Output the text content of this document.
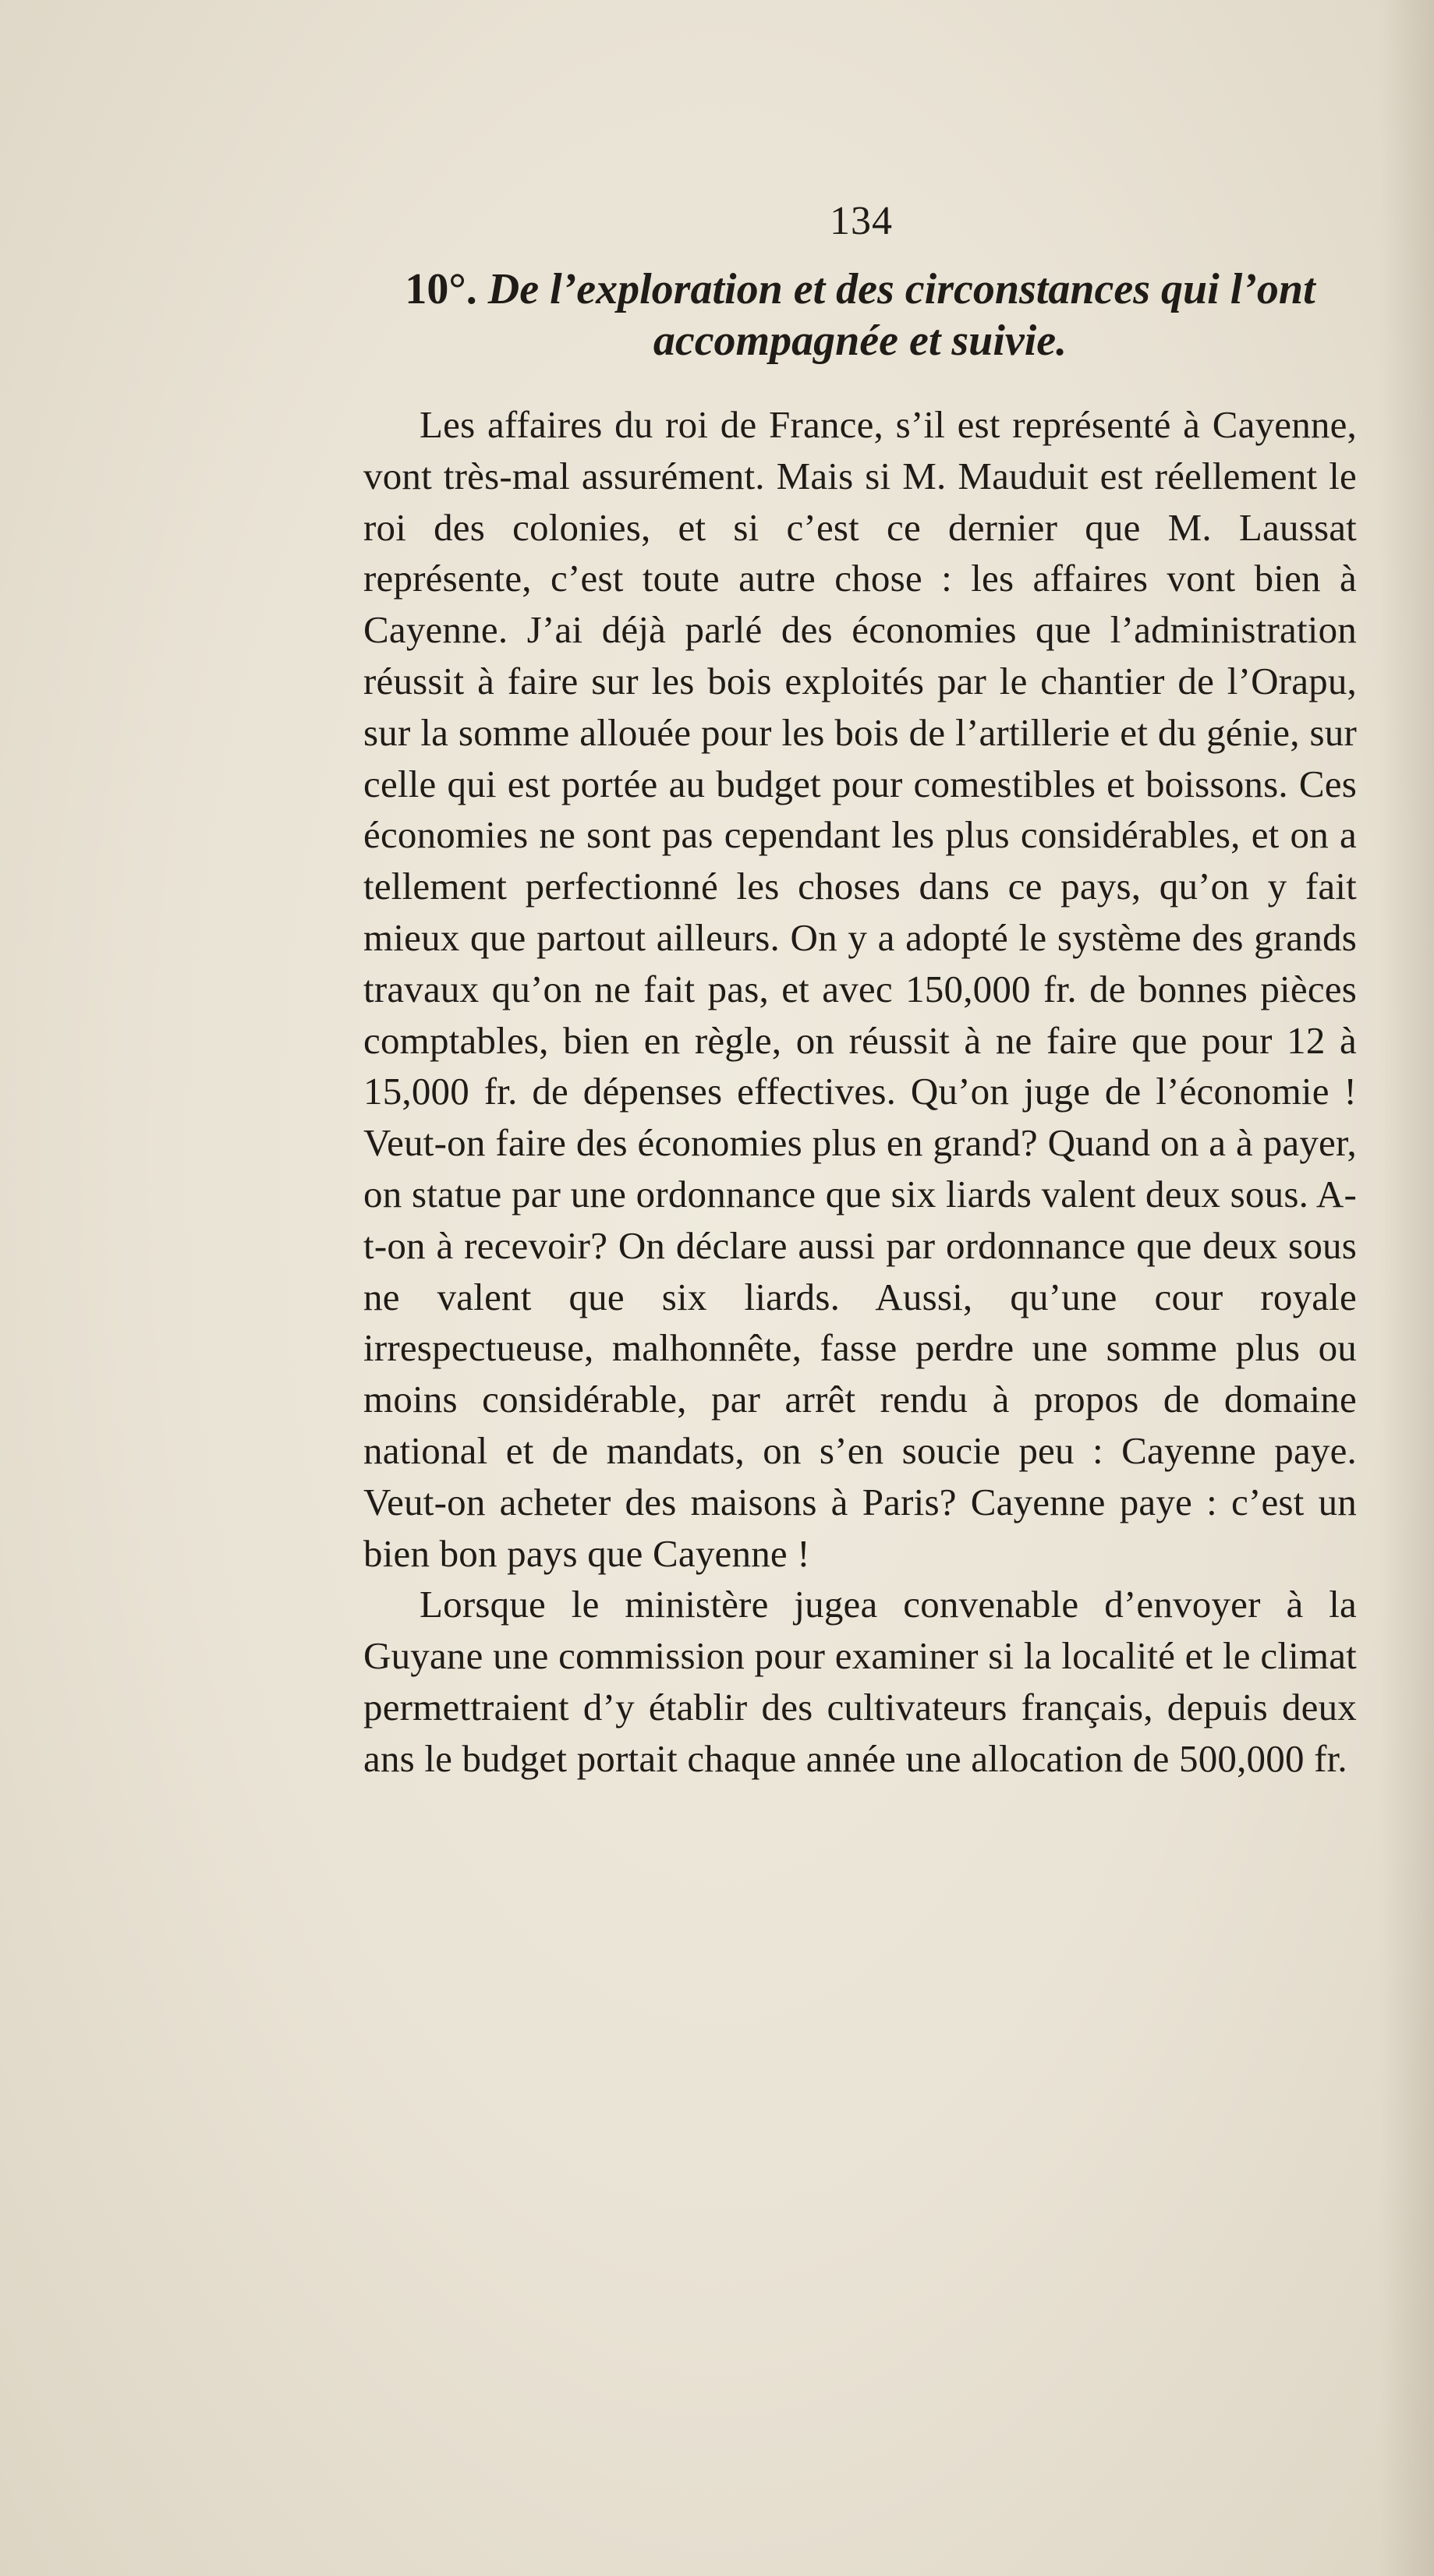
134
10°. De l’exploration et des circonstances qui l’ont accompagnée et suivie.

Les affaires du roi de France, s’il est représenté à Cayenne, vont très-mal assurément. Mais si M. Mauduit est réellement le roi des colonies, et si c’est ce dernier que M. Laussat représente, c’est toute autre chose : les affaires vont bien à Cayenne. J’ai déjà parlé des économies que l’administration réussit à faire sur les bois exploités par le chantier de l’Orapu, sur la somme allouée pour les bois de l’artillerie et du génie, sur celle qui est portée au budget pour comestibles et boissons. Ces économies ne sont pas cependant les plus considérables, et on a tellement perfectionné les choses dans ce pays, qu’on y fait mieux que partout ailleurs. On y a adopté le système des grands travaux qu’on ne fait pas, et avec 150,000 fr. de bonnes pièces comptables, bien en règle, on réussit à ne faire que pour 12 à 15,000 fr. de dépenses effectives. Qu’on juge de l’économie ! Veut-on faire des économies plus en grand? Quand on a à payer, on statue par une ordonnance que six liards valent deux sous. A-t-on à recevoir? On déclare aussi par ordonnance que deux sous ne valent que six liards. Aussi, qu’une cour royale irrespectueuse, malhonnête, fasse perdre une somme plus ou moins considérable, par arrêt rendu à propos de domaine national et de mandats, on s’en soucie peu : Cayenne paye. Veut-on acheter des maisons à Paris? Cayenne paye : c’est un bien bon pays que Cayenne !

Lorsque le ministère jugea convenable d’envoyer à la Guyane une commission pour examiner si la localité et le climat permettraient d’y établir des cultivateurs français, depuis deux ans le budget portait chaque année une allocation de 500,000 fr.
